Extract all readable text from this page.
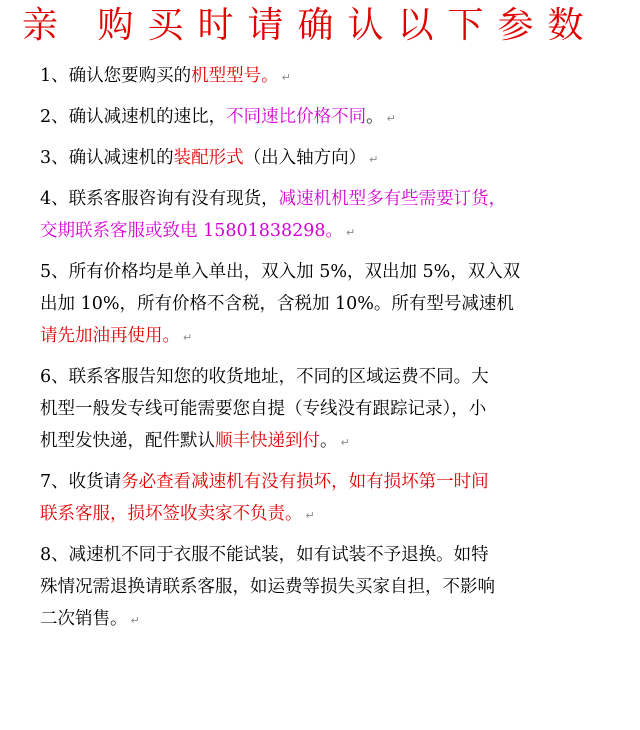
亲 购买时请确认以下参数
1、确认您要购买的机型型号。 ↵
2、确认减速机的速比，不同速比价格不同。 ↵
3、确认减速机的装配形式（出入轴方向） ↵
4、联系客服咨询有没有现货，减速机机型多有些需要订货，
交期联系客服或致电 15801838298。 ↵
5、所有价格均是单入单出，双入加 5%，双出加 5%，双入双
出加 10%，所有价格不含税，含税加 10%。所有型号减速机
请先加油再使用。 ↵
6、联系客服告知您的收货地址，不同的区域运费不同。大
机型一般发专线可能需要您自提（专线没有跟踪记录），小
机型发快递，配件默认顺丰快递到付。 ↵
7、收货请务必查看减速机有没有损坏，如有损坏第一时间
联系客服，损坏签收卖家不负责。 ↵
8、减速机不同于衣服不能试装，如有试装不予退换。如特
殊情况需退换请联系客服，如运费等损失买家自担，不影响
二次销售。 ↵
